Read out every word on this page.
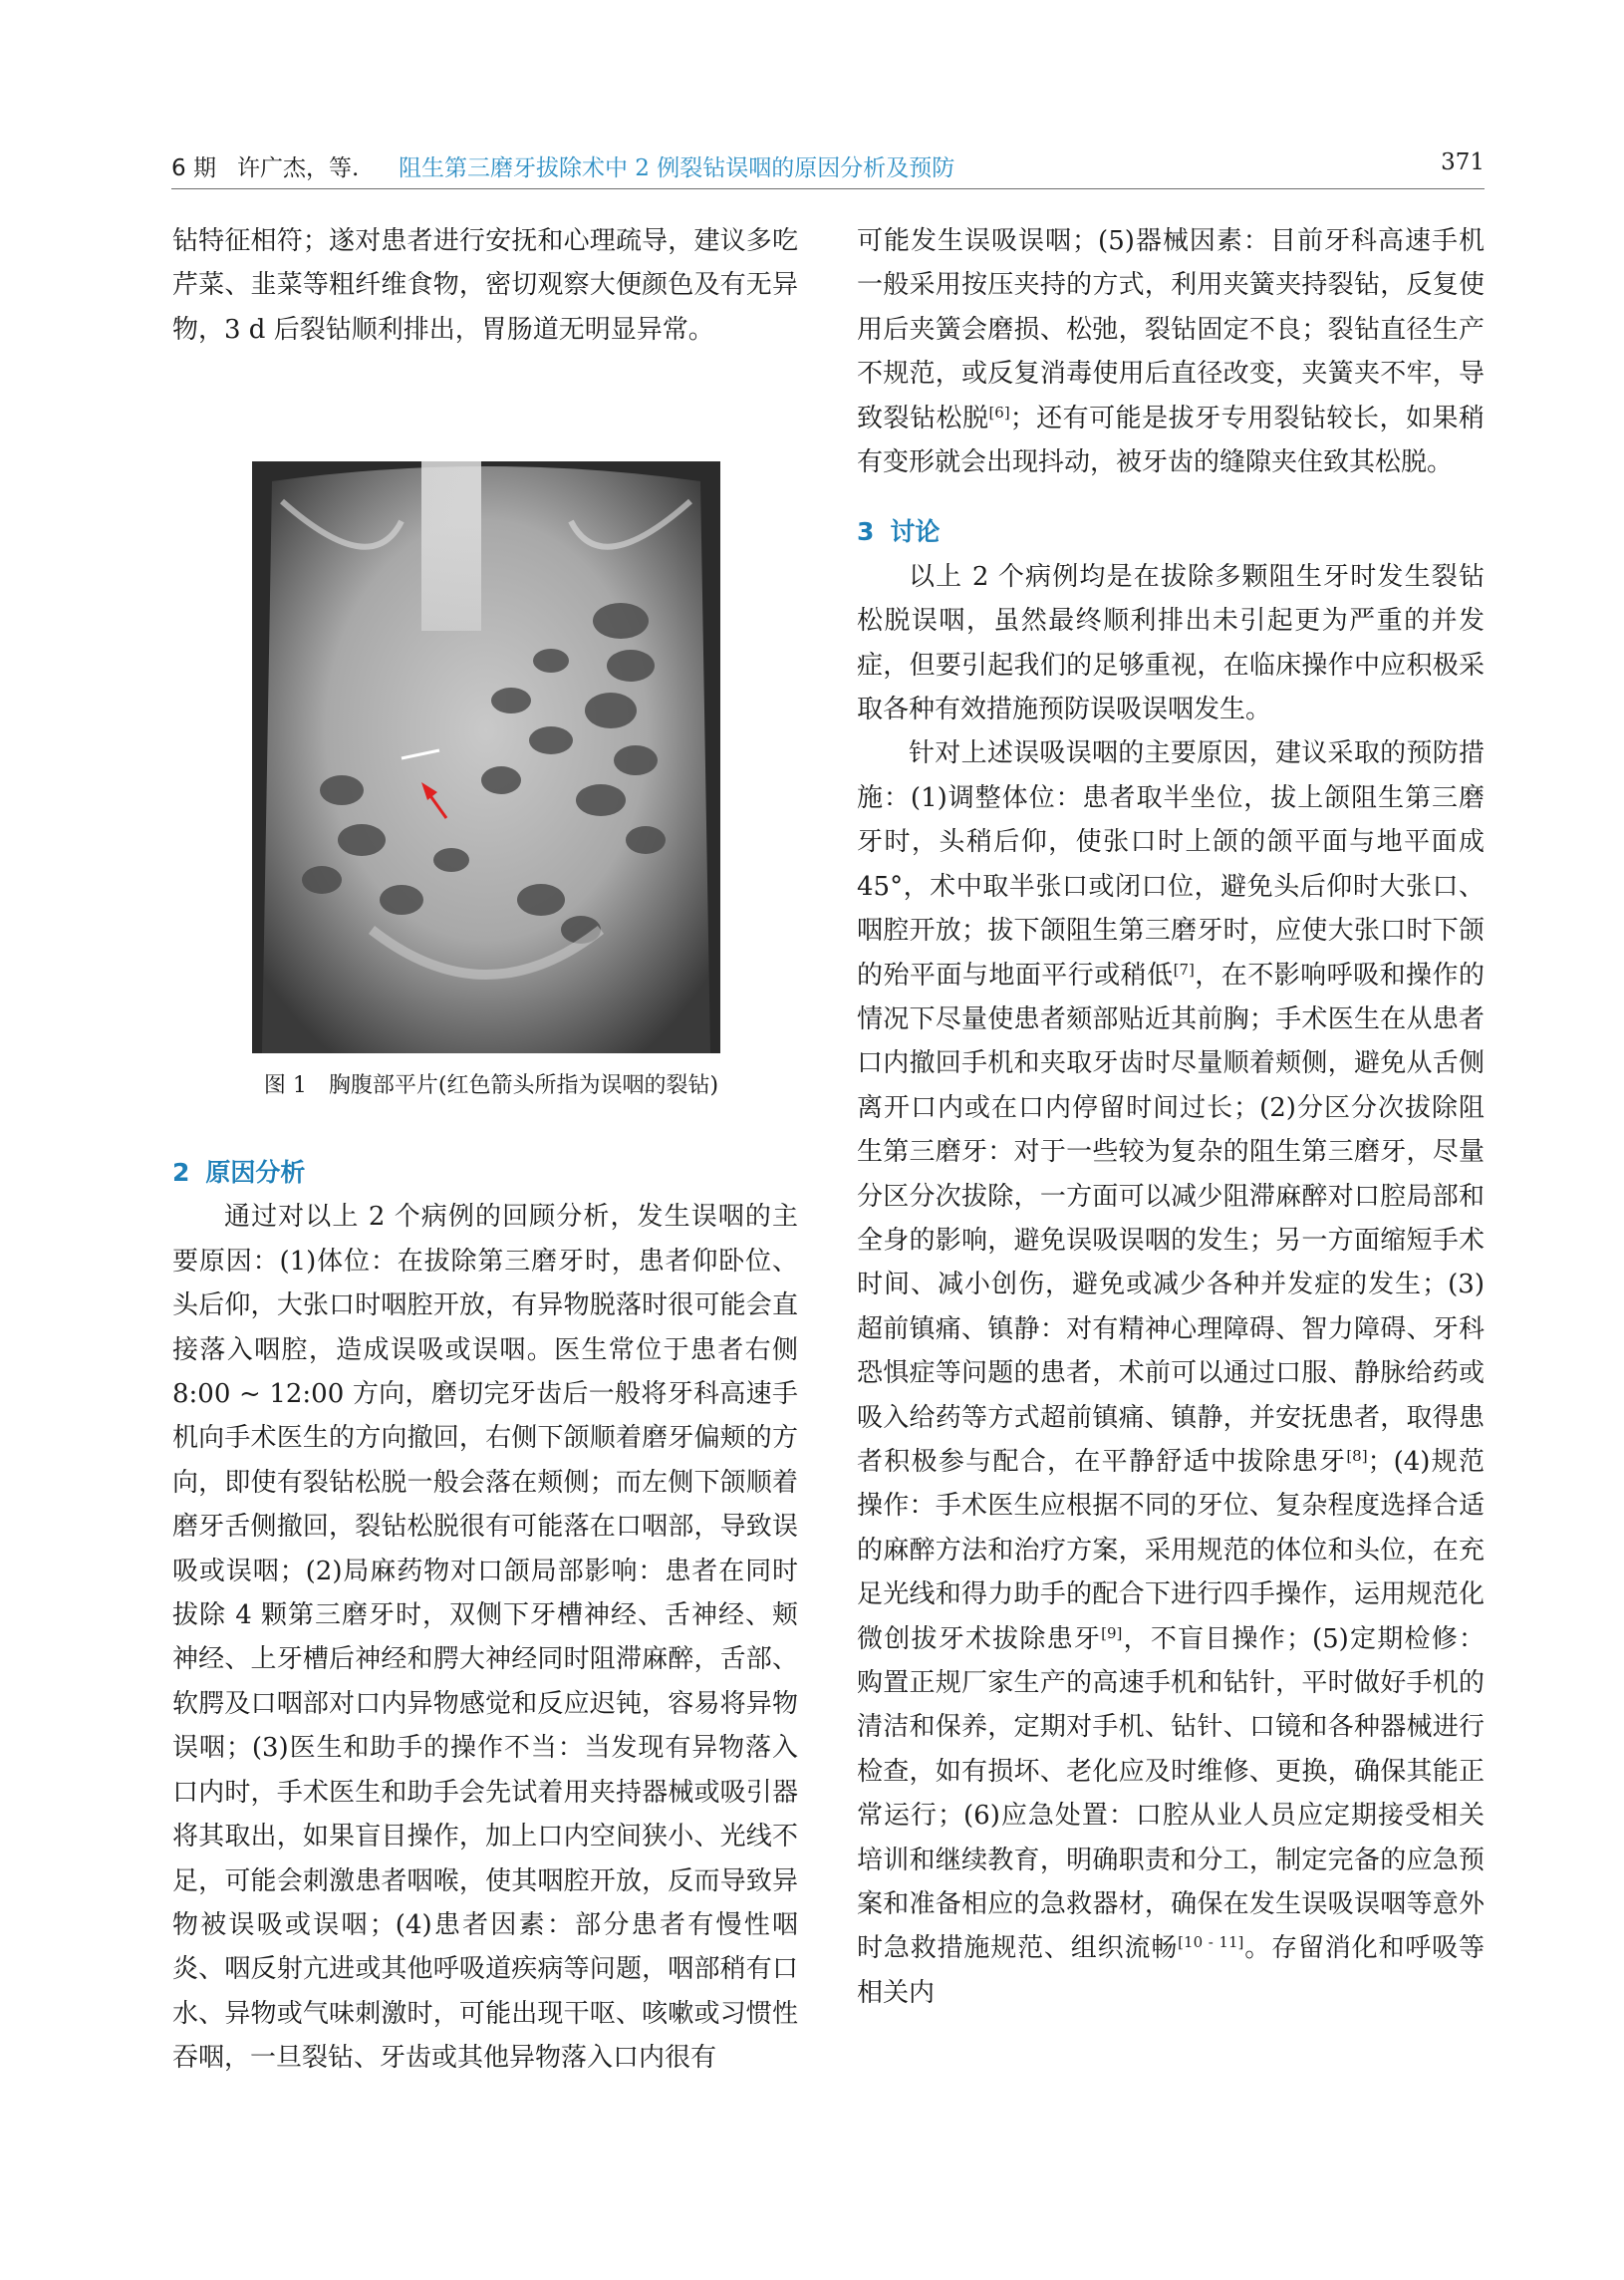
6 期 许广杰，等. 阻生第三磨牙拔除术中 2 例裂钻误咽的原因分析及预防	371

钻特征相符；遂对患者进行安抚和心理疏导，建议多吃芹菜、韭菜等粗纤维食物，密切观察大便颜色及有无异物，3 d 后裂钻顺利排出，胃肠道无明显异常。

图 1　胸腹部平片(红色箭头所指为误咽的裂钻)
2 原因分析

通过对以上 2 个病例的回顾分析，发生误咽的主要原因：(1)体位：在拔除第三磨牙时，患者仰卧位、头后仰，大张口时咽腔开放，有异物脱落时很可能会直接落入咽腔，造成误吸或误咽。医生常位于患者右侧 8:00 ~ 12:00 方向，磨切完牙齿后一般将牙科高速手机向手术医生的方向撤回，右侧下颌顺着磨牙偏颊的方向，即使有裂钻松脱一般会落在颊侧；而左侧下颌顺着磨牙舌侧撤回，裂钻松脱很有可能落在口咽部，导致误吸或误咽；(2)局麻药物对口颌局部影响：患者在同时拔除 4 颗第三磨牙时，双侧下牙槽神经、舌神经、颊神经、上牙槽后神经和腭大神经同时阻滞麻醉，舌部、软腭及口咽部对口内异物感觉和反应迟钝，容易将异物误咽；(3)医生和助手的操作不当：当发现有异物落入口内时，手术医生和助手会先试着用夹持器械或吸引器将其取出，如果盲目操作，加上口内空间狭小、光线不足，可能会刺激患者咽喉，使其咽腔开放，反而导致异物被误吸或误咽；(4)患者因素：部分患者有慢性咽炎、咽反射亢进或其他呼吸道疾病等问题，咽部稍有口水、异物或气味刺激时，可能出现干呕、咳嗽或习惯性吞咽，一旦裂钻、牙齿或其他异物落入口内很有

可能发生误吸误咽；(5)器械因素：目前牙科高速手机一般采用按压夹持的方式，利用夹簧夹持裂钻，反复使用后夹簧会磨损、松弛，裂钻固定不良；裂钻直径生产不规范，或反复消毒使用后直径改变，夹簧夹不牢，导致裂钻松脱[6]；还有可能是拔牙专用裂钻较长，如果稍有变形就会出现抖动，被牙齿的缝隙夹住致其松脱。

3 讨论

以上 2 个病例均是在拔除多颗阻生牙时发生裂钻松脱误咽，虽然最终顺利排出未引起更为严重的并发症，但要引起我们的足够重视，在临床操作中应积极采取各种有效措施预防误吸误咽发生。

针对上述误吸误咽的主要原因，建议采取的预防措施：(1)调整体位：患者取半坐位，拔上颌阻生第三磨牙时，头稍后仰，使张口时上颌的颌平面与地平面成 45°，术中取半张口或闭口位，避免头后仰时大张口、咽腔开放；拔下颌阻生第三磨牙时，应使大张口时下颌的殆平面与地面平行或稍低[7]，在不影响呼吸和操作的情况下尽量使患者颏部贴近其前胸；手术医生在从患者口内撤回手机和夹取牙齿时尽量顺着颊侧，避免从舌侧离开口内或在口内停留时间过长；(2)分区分次拔除阻生第三磨牙：对于一些较为复杂的阻生第三磨牙，尽量分区分次拔除，一方面可以减少阻滞麻醉对口腔局部和全身的影响，避免误吸误咽的发生；另一方面缩短手术时间、减小创伤，避免或减少各种并发症的发生；(3)超前镇痛、镇静：对有精神心理障碍、智力障碍、牙科恐惧症等问题的患者，术前可以通过口服、静脉给药或吸入给药等方式超前镇痛、镇静，并安抚患者，取得患者积极参与配合，在平静舒适中拔除患牙[8]；(4)规范操作：手术医生应根据不同的牙位、复杂程度选择合适的麻醉方法和治疗方案，采用规范的体位和头位，在充足光线和得力助手的配合下进行四手操作，运用规范化微创拔牙术拔除患牙[9]，不盲目操作；(5)定期检修：购置正规厂家生产的高速手机和钻针，平时做好手机的清洁和保养，定期对手机、钻针、口镜和各种器械进行检查，如有损坏、老化应及时维修、更换，确保其能正常运行；(6)应急处置：口腔从业人员应定期接受相关培训和继续教育，明确职责和分工，制定完备的应急预案和准备相应的急救器材，确保在发生误吸误咽等意外时急救措施规范、组织流畅[10 - 11]。存留消化和呼吸等相关内
